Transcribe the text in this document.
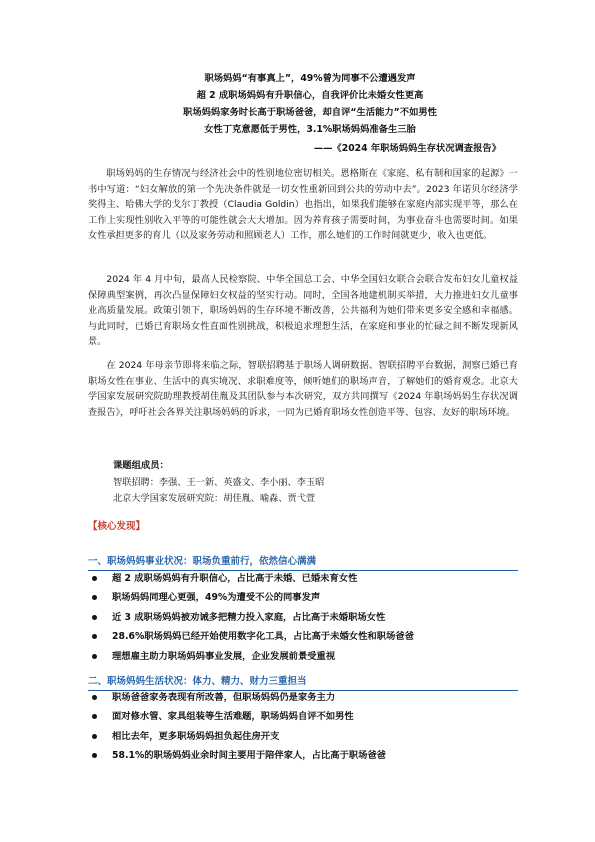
职场妈妈“有事真上”，49%曾为同事不公遭遇发声
超 2 成职场妈妈有升职信心，自我评价比未婚女性更高
职场妈妈家务时长高于职场爸爸，却自评“生活能力”不如男性
女性丁克意愿低于男性，3.1%职场妈妈准备生三胎
——《2024 年职场妈妈生存状况调查报告》

职场妈妈的生存情况与经济社会中的性别地位密切相关。恩格斯在《家庭、私有制和国家的起源》一书中写道：“妇女解放的第一个先决条件就是一切女性重新回到公共的劳动中去”。2023 年诺贝尔经济学奖得主、哈佛大学的戈尔丁教授（Claudia Goldin）也指出，如果我们能够在家庭内部实现平等，那么在工作上实现性别收入平等的可能性就会大大增加。因为养育孩子需要时间，为事业奋斗也需要时间。如果女性承担更多的育儿（以及家务劳动和照顾老人）工作，那么她们的工作时间就更少，收入也更低。

2024 年 4 月中旬，最高人民检察院、中华全国总工会、中华全国妇女联合会联合发布妇女儿童权益保障典型案例，再次凸显保障妇女权益的坚实行动。同时，全国各地建机制买举措，大力推进妇女儿童事业高质量发展。政策引领下，职场妈妈的生存环境不断改善，公共福利为她们带来更多安全感和幸福感。与此同时，已婚已育职场女性直面性别挑战，积极追求理想生活，在家庭和事业的忙碌之间不断发现新风景。

在 2024 年母亲节即将来临之际，智联招聘基于职场人调研数据、智联招聘平台数据，洞察已婚已育职场女性在事业、生活中的真实境况、求职难度等，倾听她们的职场声音，了解她们的婚育观念。北京大学国家发展研究院助理教授胡佳胤及其团队参与本次研究，双方共同撰写《2024 年职场妈妈生存状况调查报告》，呼吁社会各界关注职场妈妈的诉求，一同为已婚育职场女性创造平等、包容、友好的职场环境。

课题组成员：
智联招聘：李强、王一新、英盛文、李小丽、李玉昭
北京大学国家发展研究院：胡佳胤、喻淼、贾弋萱
【核心发现】
一、职场妈妈事业状况：职场负重前行，依然信心满满
超 2 成职场妈妈有升职信心，占比高于未婚、已婚未育女性
职场妈妈同理心更强，49%为遭受不公的同事发声
近 3 成职场妈妈被劝诫多把精力投入家庭，占比高于未婚职场女性
28.6%职场妈妈已经开始使用数字化工具，占比高于未婚女性和职场爸爸
理想雇主助力职场妈妈事业发展，企业发展前景受重视
二、职场妈妈生活状况：体力、精力、财力三重担当
职场爸爸家务表现有所改善，但职场妈妈仍是家务主力
面对修水管、家具组装等生活难题，职场妈妈自评不如男性
相比去年，更多职场妈妈担负起住房开支
58.1%的职场妈妈业余时间主要用于陪伴家人，占比高于职场爸爸
